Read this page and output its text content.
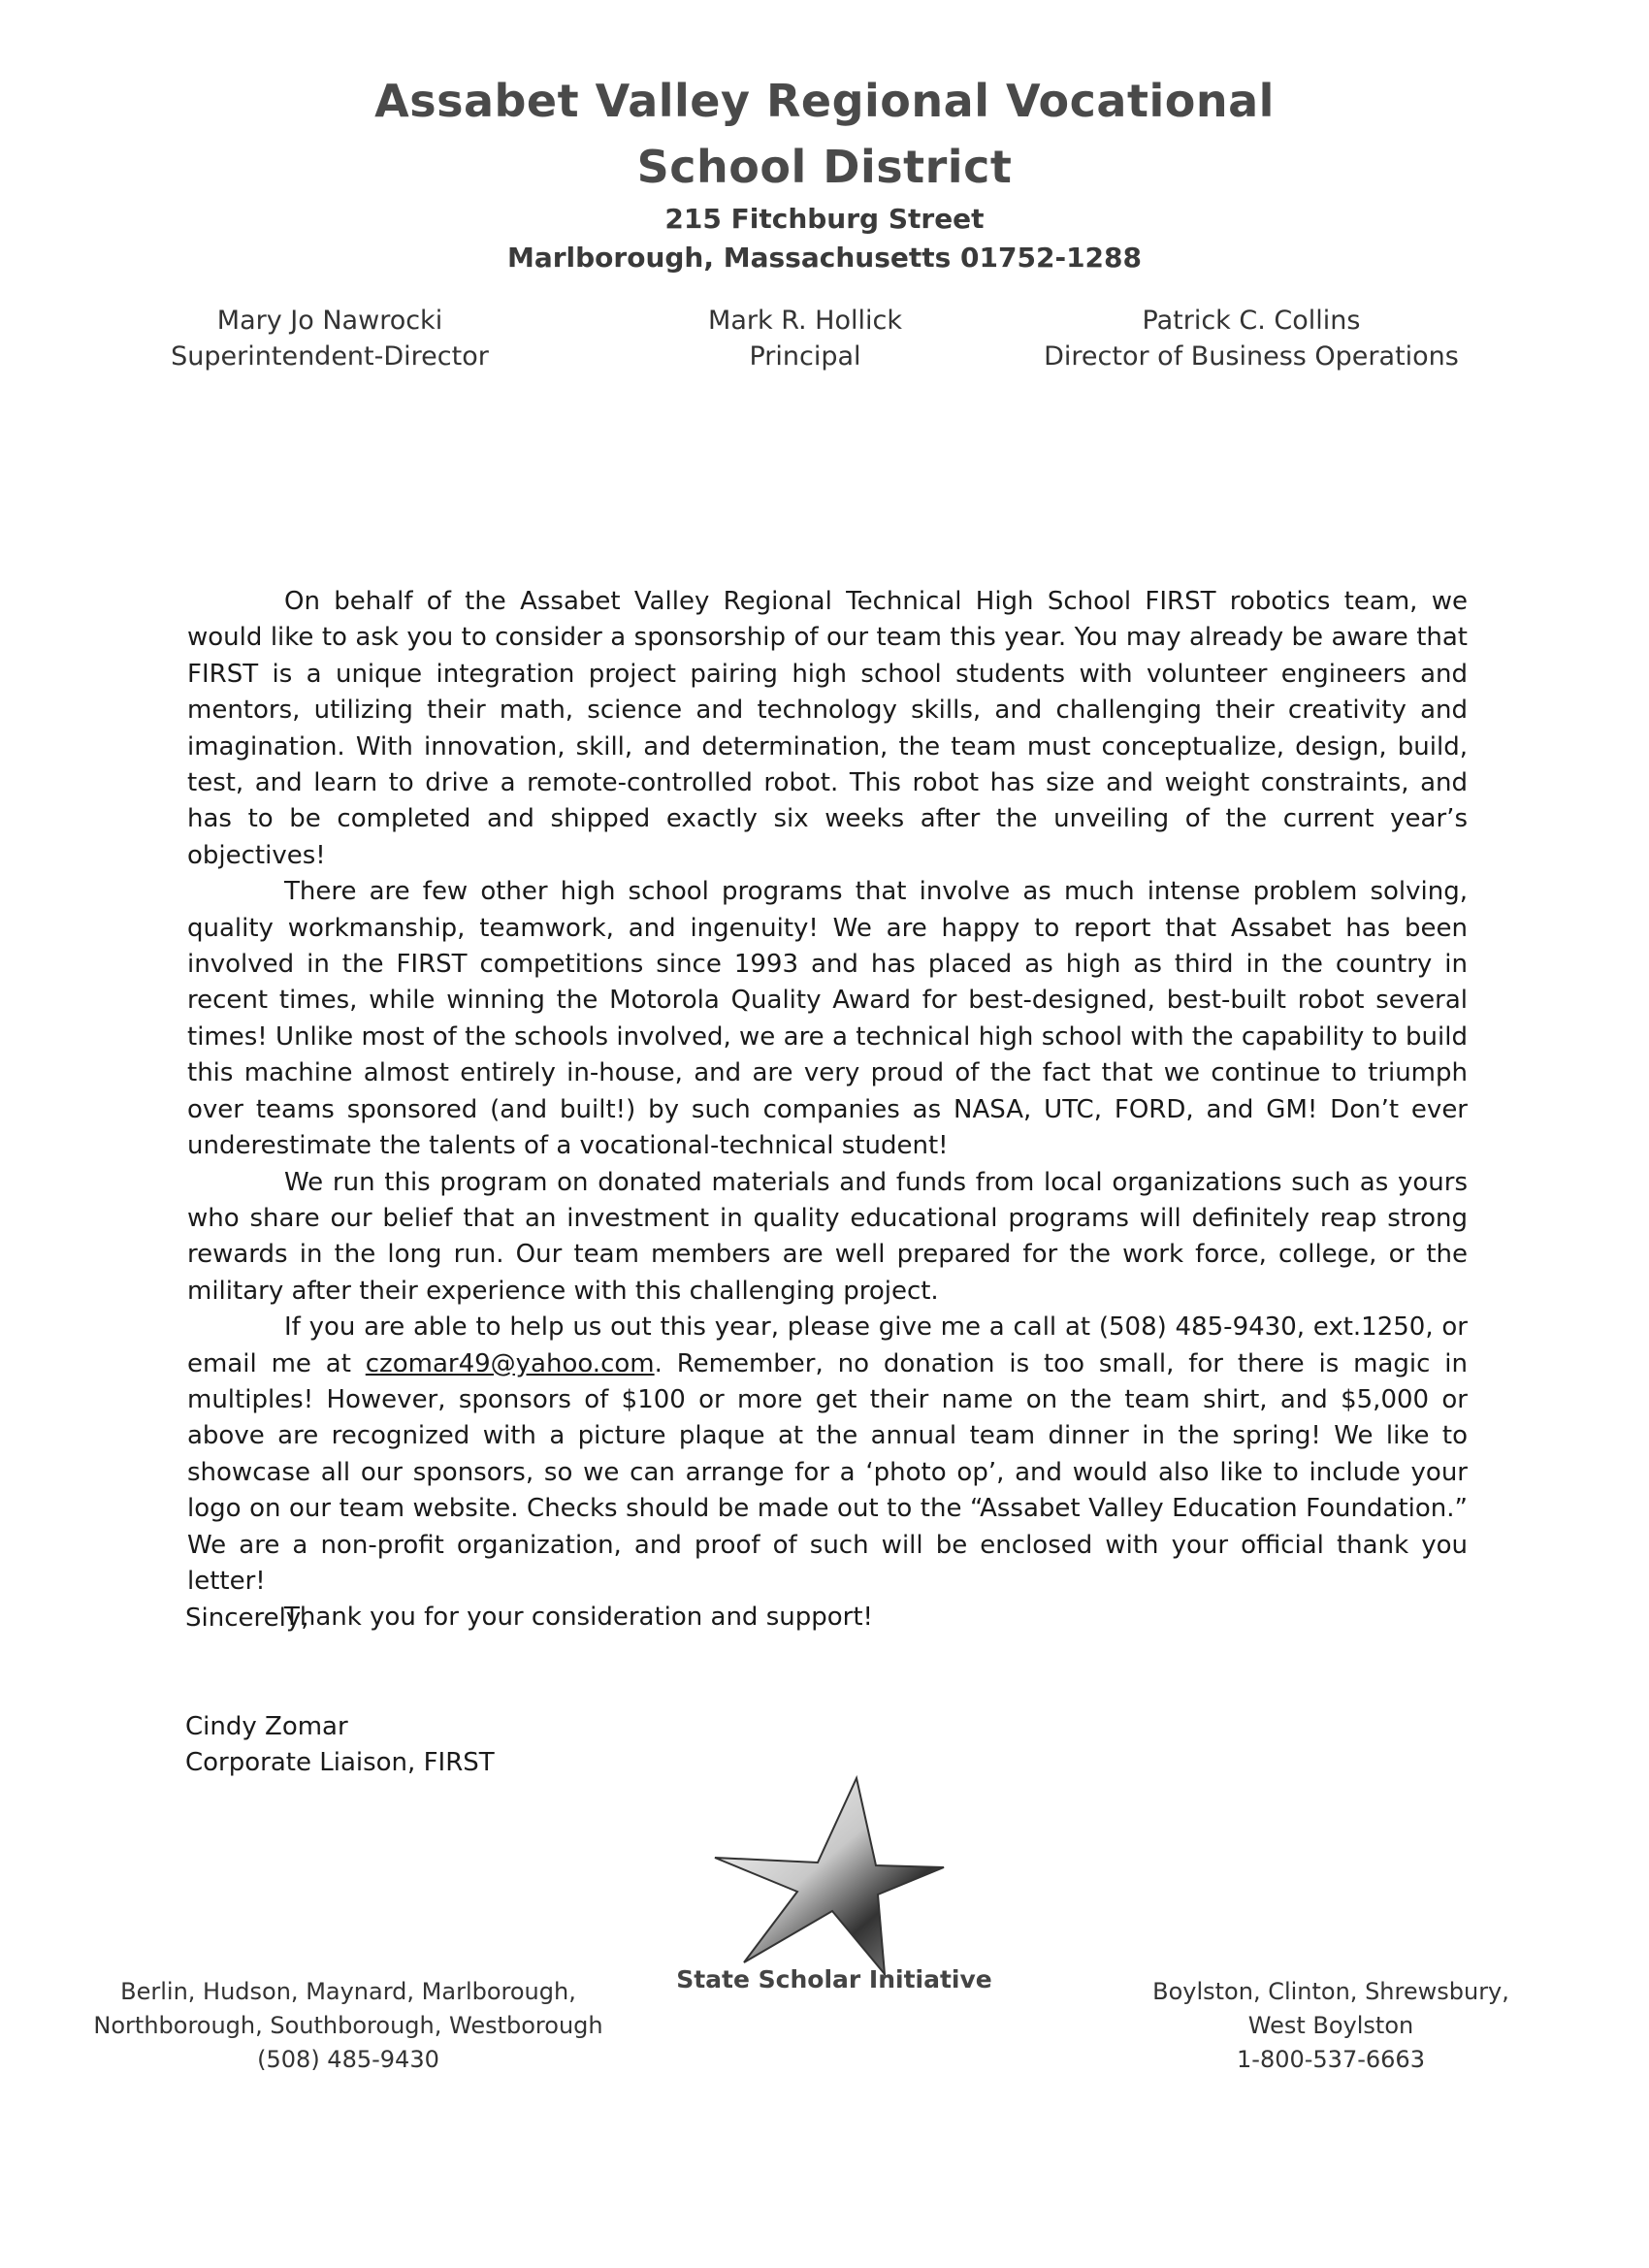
Assabet Valley Regional Vocational
School District
215 Fitchburg Street
Marlborough, Massachusetts 01752-1288
Mary Jo Nawrocki
Superintendent-Director
Mark R. Hollick
Principal
Patrick C. Collins
Director of Business Operations

On behalf of the Assabet Valley Regional Technical High School FIRST robotics team, we would like to ask you to consider a sponsorship of our team this year. You may already be aware that FIRST is a unique integration project pairing high school students with volunteer engineers and mentors, utilizing their math, science and technology skills, and challenging their creativity and imagination. With innovation, skill, and determination, the team must conceptualize, design, build, test, and learn to drive a remote-controlled robot. This robot has size and weight constraints, and has to be completed and shipped exactly six weeks after the unveiling of the current year’s objectives!

There are few other high school programs that involve as much intense problem solving, quality workmanship, teamwork, and ingenuity! We are happy to report that Assabet has been involved in the FIRST competitions since 1993 and has placed as high as third in the country in recent times, while winning the Motorola Quality Award for best-designed, best-built robot several times! Unlike most of the schools involved, we are a technical high school with the capability to build this machine almost entirely in-house, and are very proud of the fact that we continue to triumph over teams sponsored (and built!) by such companies as NASA, UTC, FORD, and GM! Don’t ever underestimate the talents of a vocational-technical student!

We run this program on donated materials and funds from local organizations such as yours who share our belief that an investment in quality educational programs will definitely reap strong rewards in the long run. Our team members are well prepared for the work force, college, or the military after their experience with this challenging project.

If you are able to help us out this year, please give me a call at (508) 485-9430, ext.1250, or email me at czomar49@yahoo.com. Remember, no donation is too small, for there is magic in multiples! However, sponsors of $100 or more get their name on the team shirt, and $5,000 or above are recognized with a picture plaque at the annual team dinner in the spring! We like to showcase all our sponsors, so we can arrange for a ‘photo op’, and would also like to include your logo on our team website. Checks should be made out to the “Assabet Valley Education Foundation.” We are a non-profit organization, and proof of such will be enclosed with your official thank you letter!

Thank you for your consideration and support!

Sincerely,
Cindy Zomar
Corporate Liaison, FIRST
State Scholar Initiative
Berlin, Hudson, Maynard, Marlborough,
Northborough, Southborough, Westborough
(508) 485-9430
Boylston, Clinton, Shrewsbury,
West Boylston
1-800-537-6663
